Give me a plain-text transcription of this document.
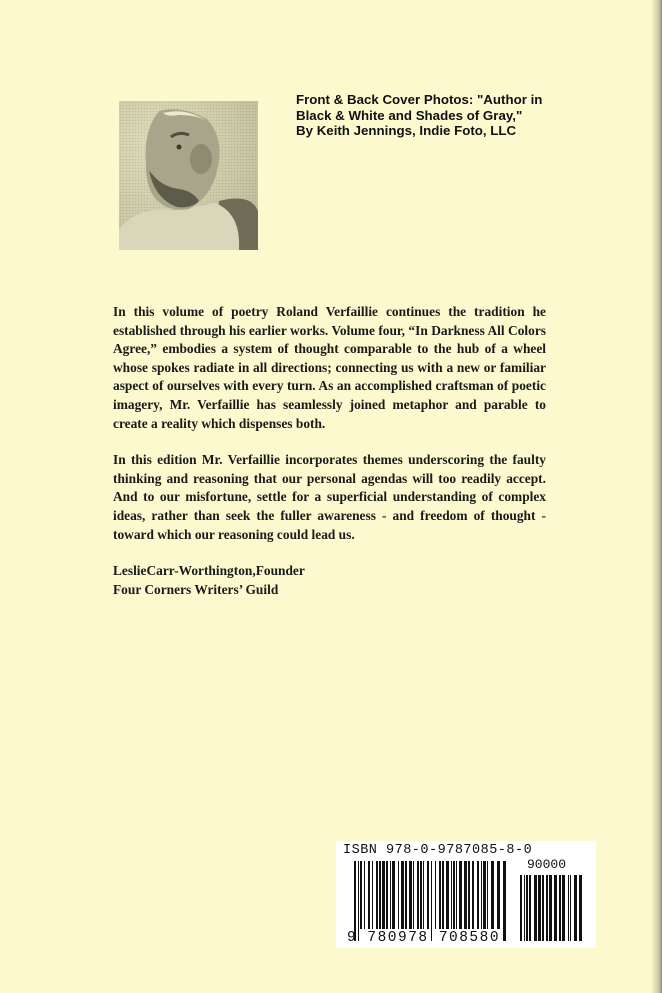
Front & Back Cover Photos: "Author in Black & White and Shades of Gray,"
By Keith Jennings, Indie Foto, LLC

In this volume of poetry Roland Verfaillie continues the tradition he established through his earlier works. Volume four, “In Darkness All Colors Agree,” embodies a system of thought comparable to the hub of a wheel whose spokes radiate in all directions; connecting us with a new or familiar aspect of ourselves with every turn. As an accomplished craftsman of poetic imagery, Mr. Verfaillie has seamlessly joined metaphor and parable to create a reality which dispenses both.

In this edition Mr. Verfaillie incorporates themes underscoring the faulty thinking and reasoning that our personal agendas will too readily accept. And to our misfortune, settle for a superficial understanding of complex ideas, rather than seek the fuller awareness - and freedom of thought - toward which our reasoning could lead us.

LeslieCarr-Worthington,Founder
Four Corners Writers’ Guild
ISBN 978-0-9787085-8-0
90000
9 780978 708580
